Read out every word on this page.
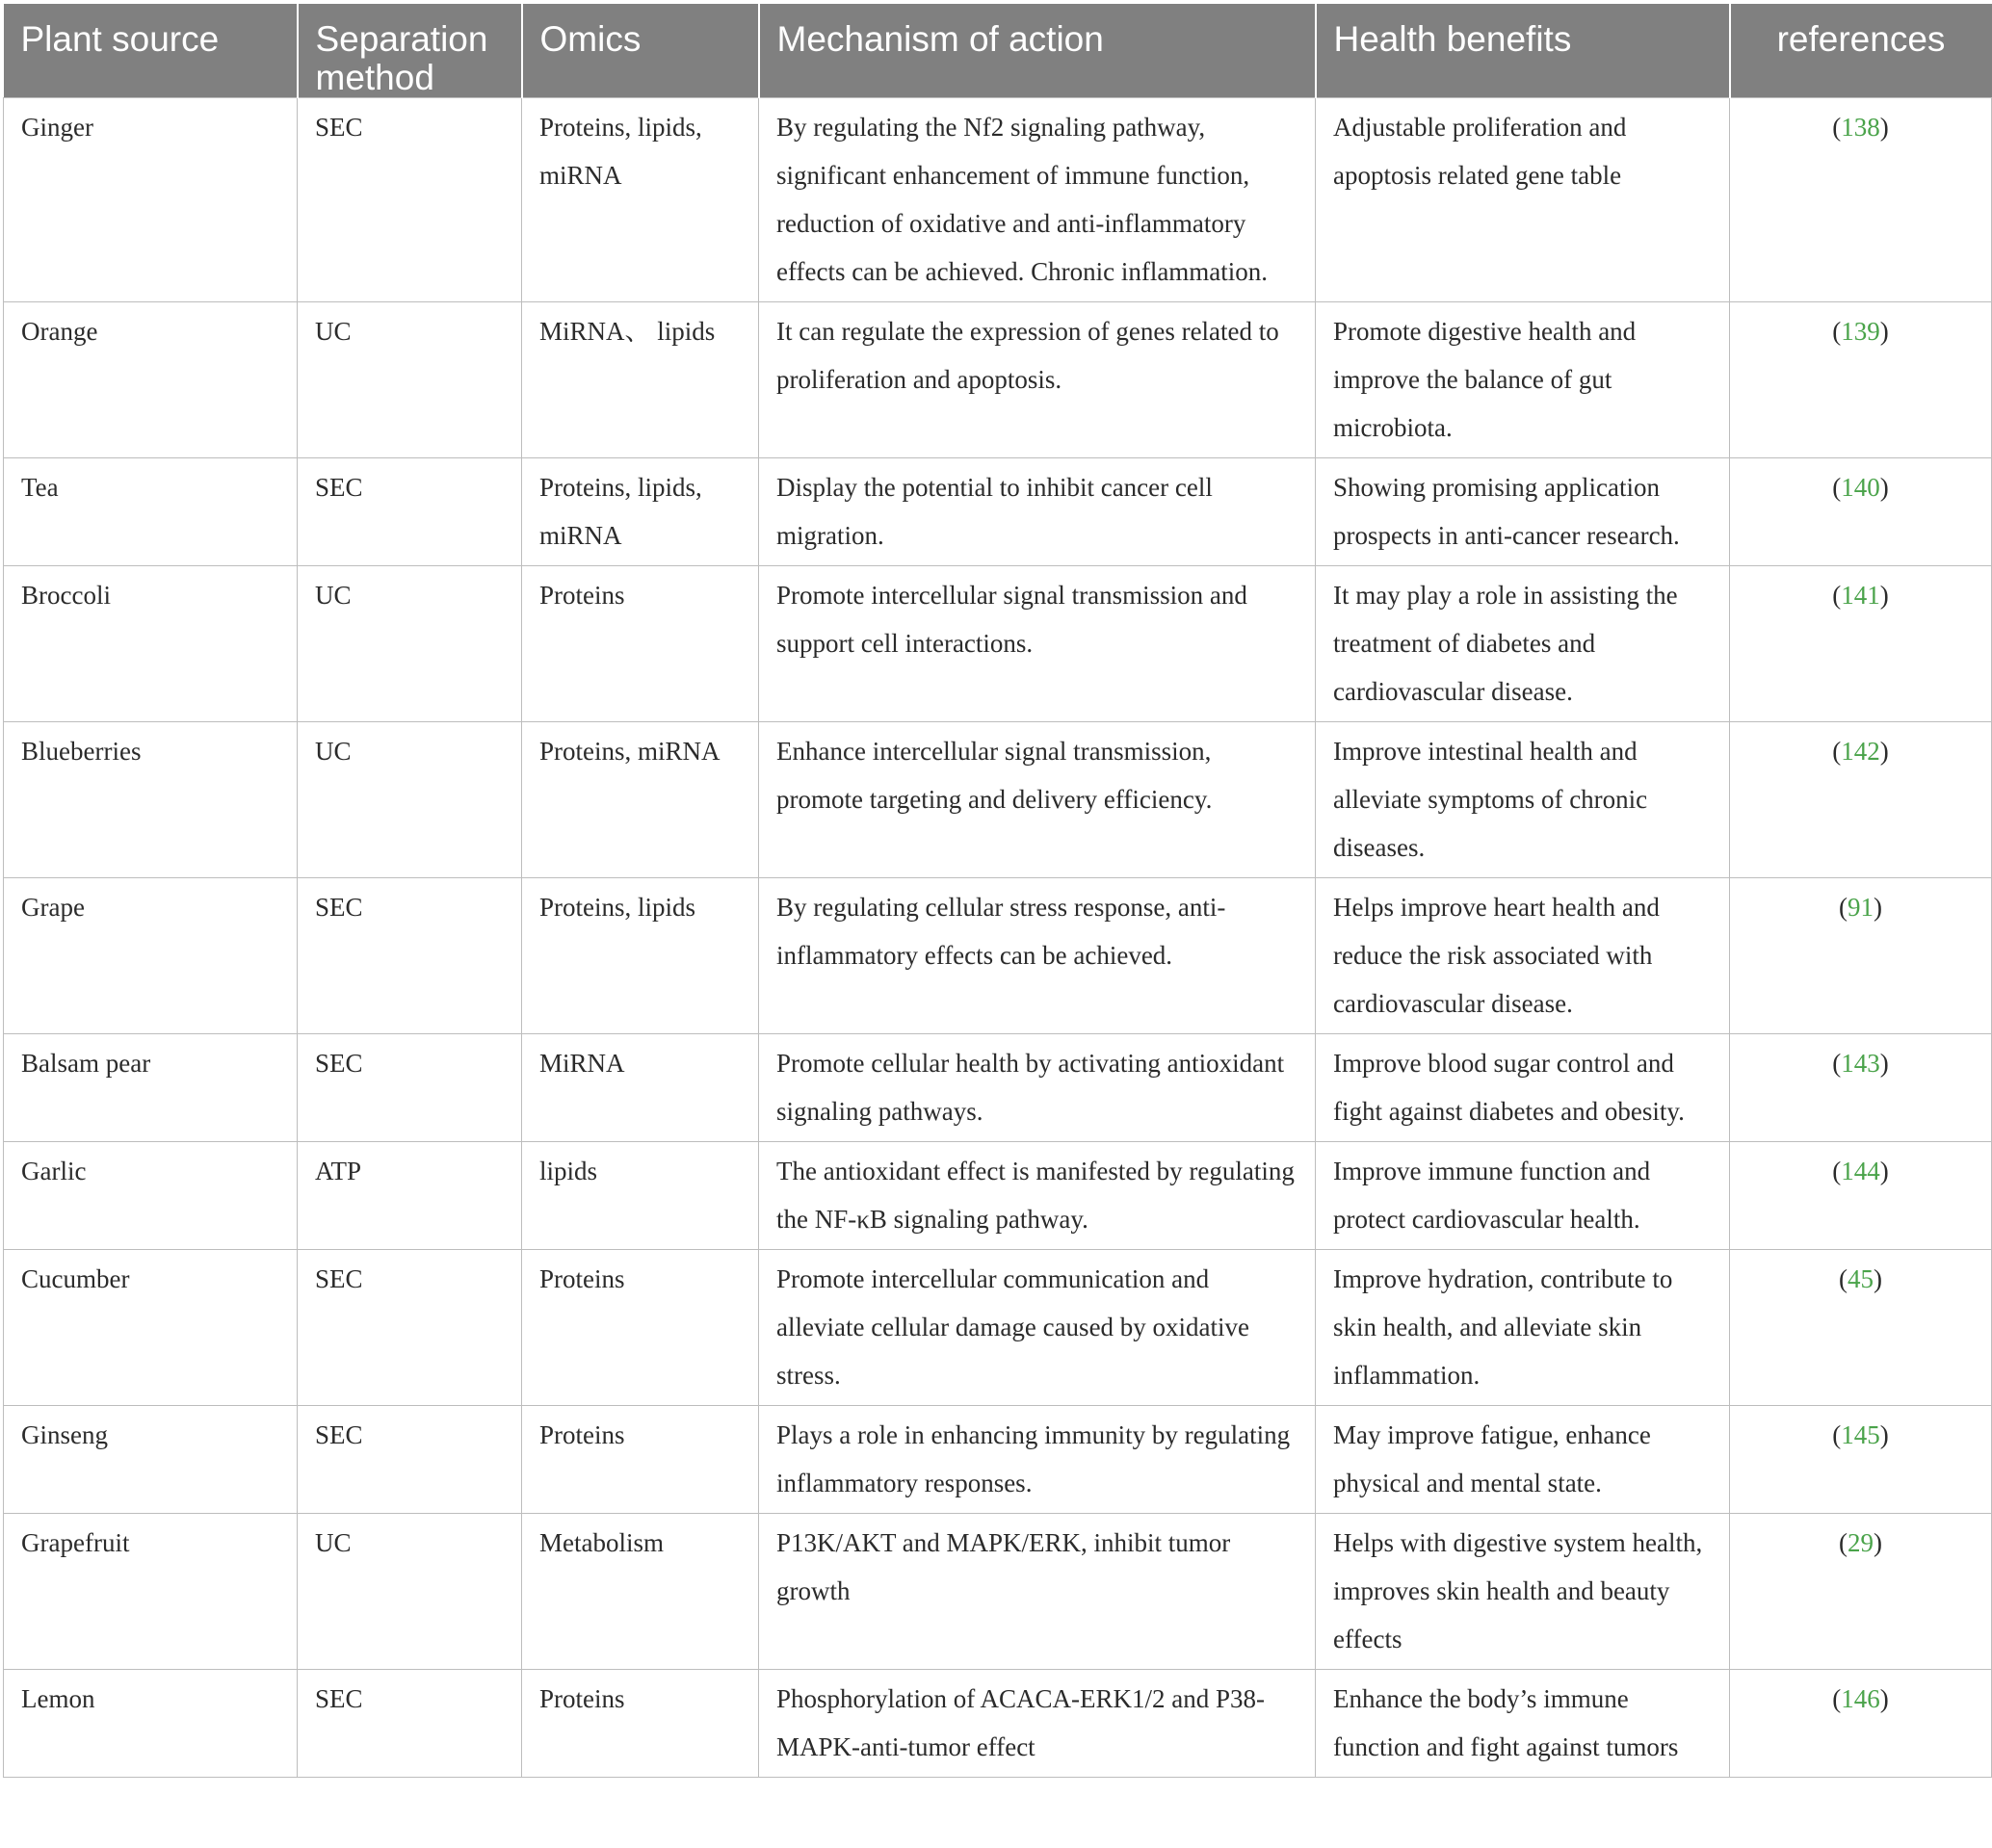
Plant source	Separation method	Omics	Mechanism of action	Health benefits	references
Ginger	SEC	Proteins, lipids, miRNA	By regulating the Nf2 signaling pathway, significant enhancement of immune function, reduction of oxidative and anti-inflammatory effects can be achieved. Chronic inflammation.	Adjustable proliferation and apoptosis related gene table	(138)
Orange	UC	MiRNA、 lipids	It can regulate the expression of genes related to proliferation and apoptosis.	Promote digestive health and improve the balance of gut microbiota.	(139)
Tea	SEC	Proteins, lipids, miRNA	Display the potential to inhibit cancer cell migration.	Showing promising application prospects in anti-cancer research.	(140)
Broccoli	UC	Proteins	Promote intercellular signal transmission and support cell interactions.	It may play a role in assisting the treatment of diabetes and cardiovascular disease.	(141)
Blueberries	UC	Proteins, miRNA	Enhance intercellular signal transmission, promote targeting and delivery efficiency.	Improve intestinal health and alleviate symptoms of chronic diseases.	(142)
Grape	SEC	Proteins, lipids	By regulating cellular stress response, anti-inflammatory effects can be achieved.	Helps improve heart health and reduce the risk associated with cardiovascular disease.	(91)
Balsam pear	SEC	MiRNA	Promote cellular health by activating antioxidant signaling pathways.	Improve blood sugar control and fight against diabetes and obesity.	(143)
Garlic	ATP	lipids	The antioxidant effect is manifested by regulating the NF-κB signaling pathway.	Improve immune function and protect cardiovascular health.	(144)
Cucumber	SEC	Proteins	Promote intercellular communication and alleviate cellular damage caused by oxidative stress.	Improve hydration, contribute to skin health, and alleviate skin inflammation.	(45)
Ginseng	SEC	Proteins	Plays a role in enhancing immunity by regulating inflammatory responses.	May improve fatigue, enhance physical and mental state.	(145)
Grapefruit	UC	Metabolism	P13K/AKT and MAPK/ERK, inhibit tumor growth	Helps with digestive system health, improves skin health and beauty effects	(29)
Lemon	SEC	Proteins	Phosphorylation of ACACA-ERK1/2 and P38-MAPK-anti-tumor effect	Enhance the body’s immune function and fight against tumors	(146)
